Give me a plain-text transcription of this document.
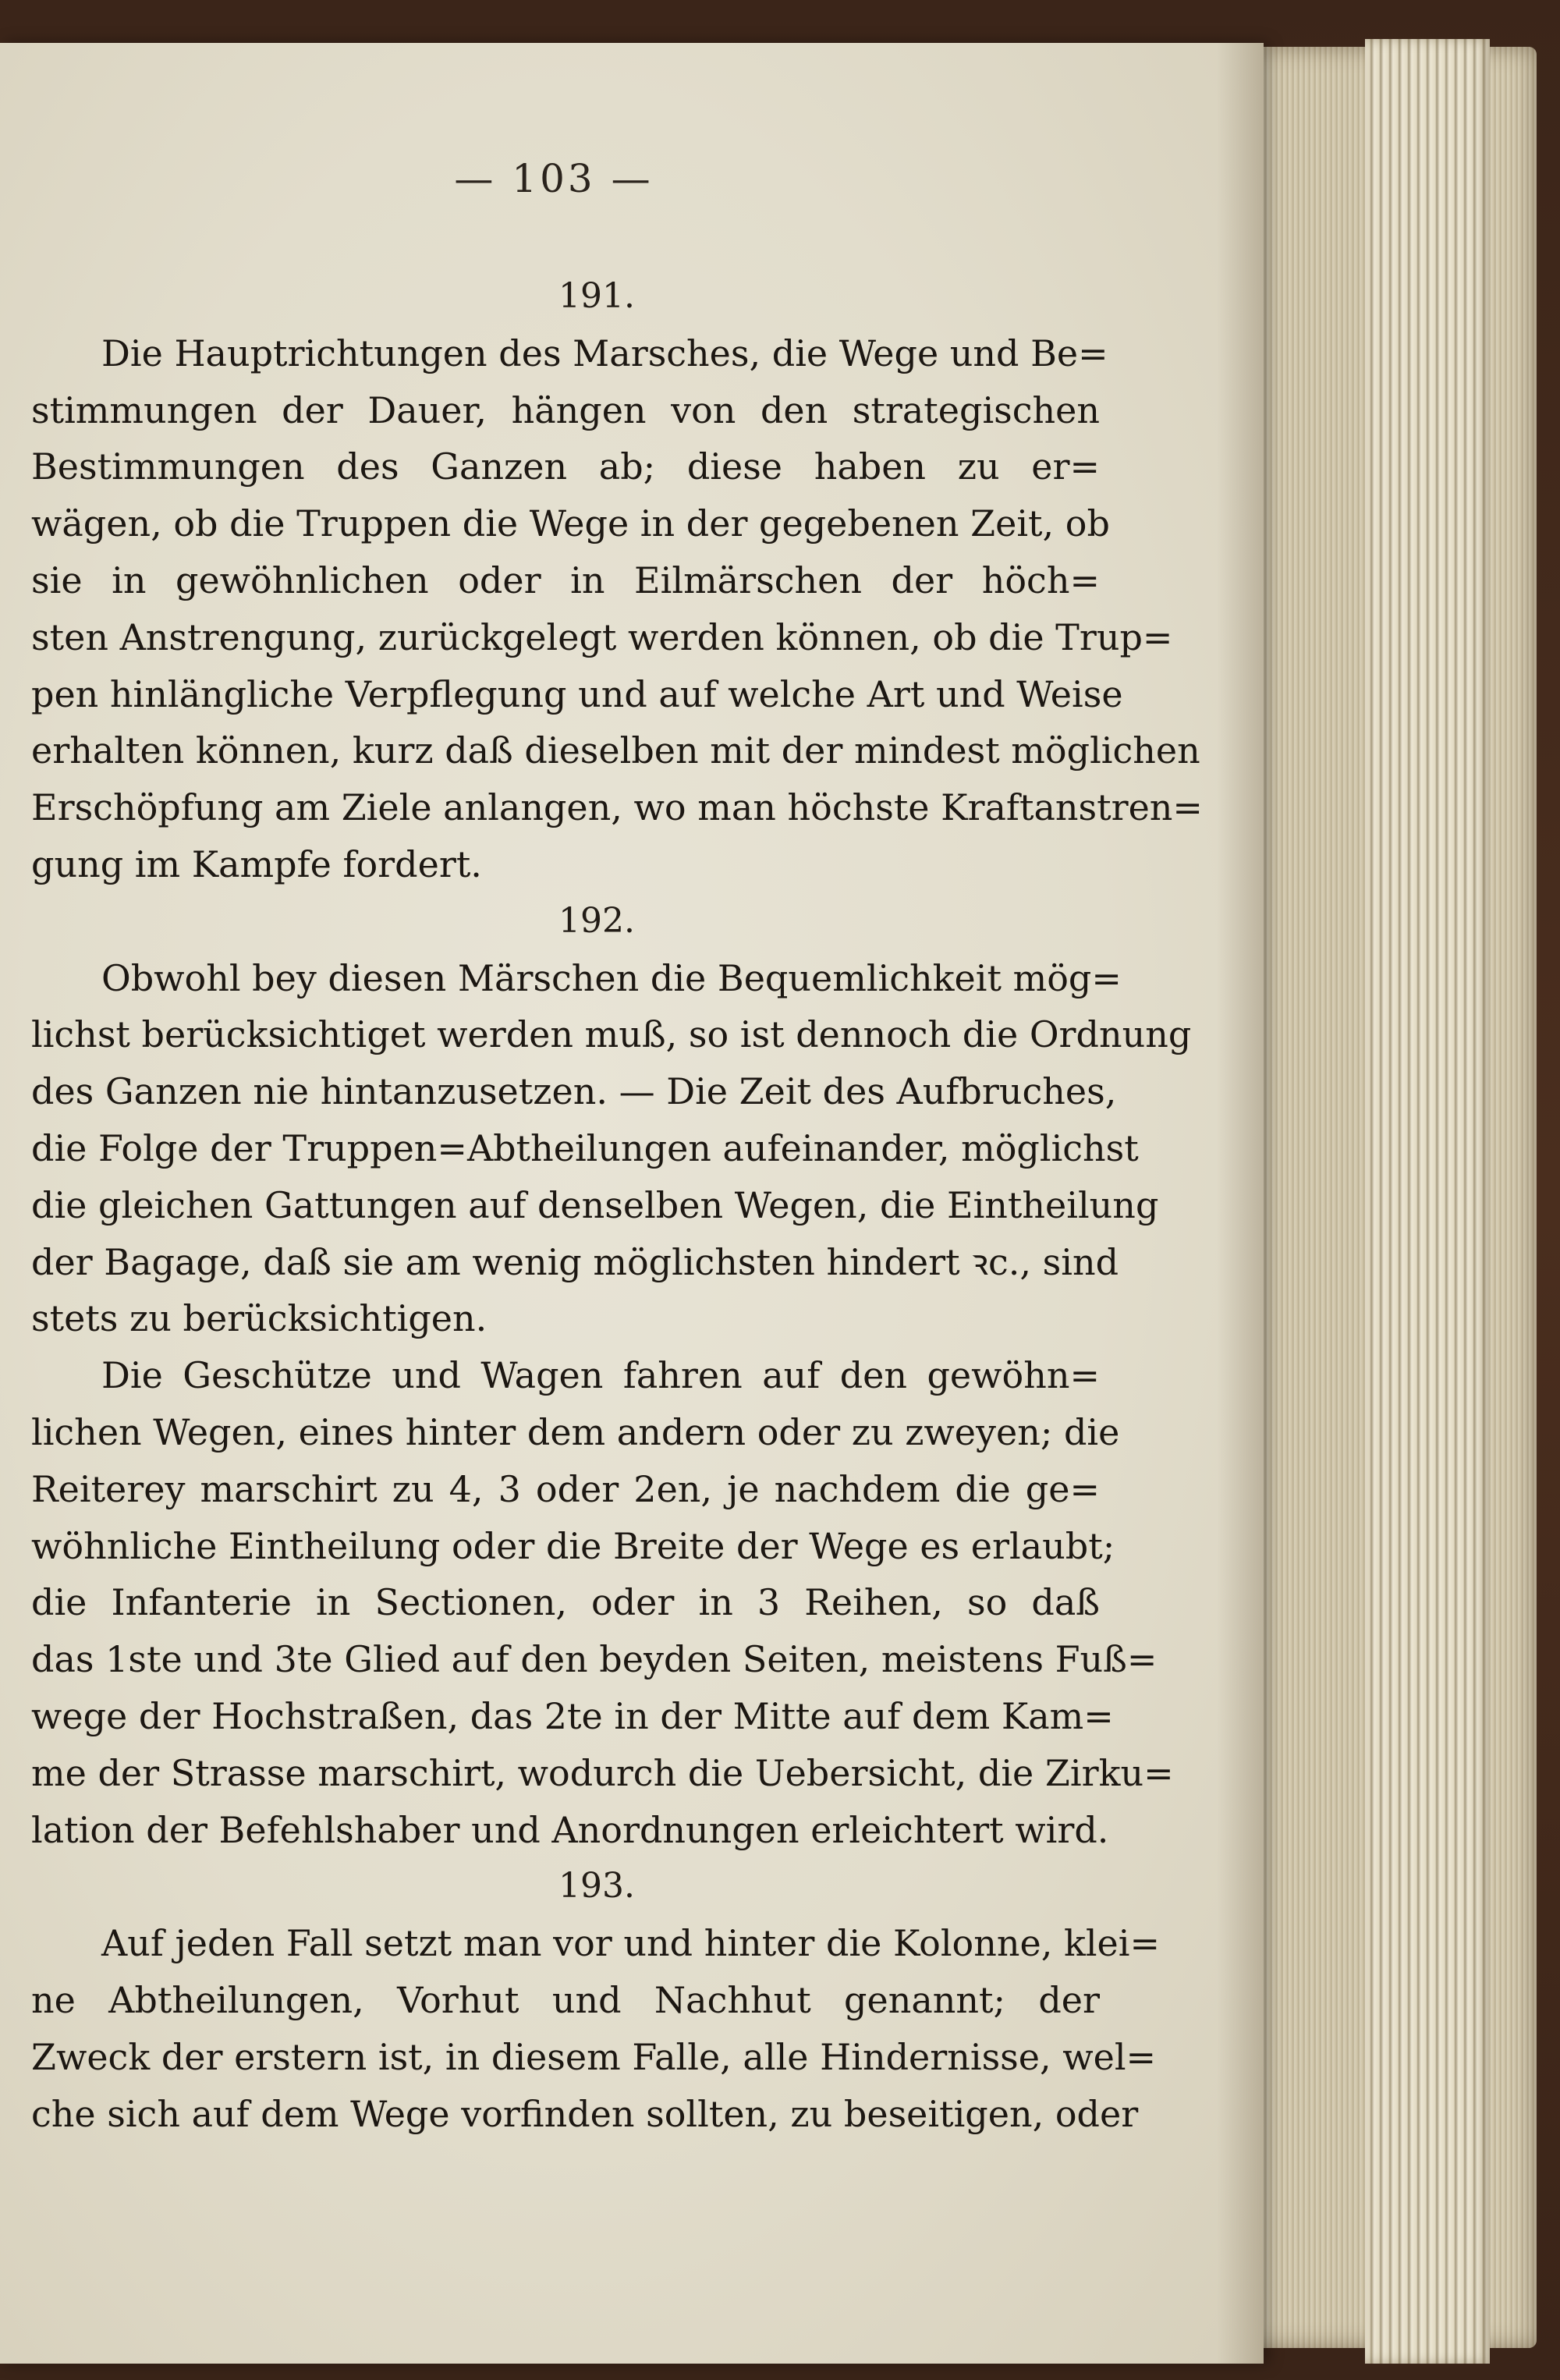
— 103 —
191.
Die Hauptrichtungen des Marsches, die Wege und Be=
stimmungen der Dauer, hängen von den strategischen
Bestimmungen des Ganzen ab; diese haben zu er=
wägen, ob die Truppen die Wege in der gegebenen Zeit, ob
sie in gewöhnlichen oder in Eilmärschen der höch=
sten Anstrengung, zurückgelegt werden können, ob die Trup=
pen hinlängliche Verpflegung und auf welche Art und Weise
erhalten können, kurz daß dieselben mit der mindest möglichen
Erschöpfung am Ziele anlangen, wo man höchste Kraftanstren=
gung im Kampfe fordert.
192.
Obwohl bey diesen Märschen die Bequemlichkeit mög=
lichst berücksichtiget werden muß, so ist dennoch die Ordnung
des Ganzen nie hintanzusetzen. — Die Zeit des Aufbruches,
die Folge der Truppen=Abtheilungen aufeinander, möglichst
die gleichen Gattungen auf denselben Wegen, die Eintheilung
der Bagage, daß sie am wenig möglichsten hindert ꝛc., sind
stets zu berücksichtigen.
Die Geschütze und Wagen fahren auf den gewöhn=
lichen Wegen, eines hinter dem andern oder zu zweyen; die
Reiterey marschirt zu 4, 3 oder 2en, je nachdem die ge=
wöhnliche Eintheilung oder die Breite der Wege es erlaubt;
die Infanterie in Sectionen, oder in 3 Reihen, so daß
das 1ste und 3te Glied auf den beyden Seiten, meistens Fuß=
wege der Hochstraßen, das 2te in der Mitte auf dem Kam=
me der Strasse marschirt, wodurch die Uebersicht, die Zirku=
lation der Befehlshaber und Anordnungen erleichtert wird.
193.
Auf jeden Fall setzt man vor und hinter die Kolonne, klei=
ne Abtheilungen, Vorhut und Nachhut genannt; der
Zweck der erstern ist, in diesem Falle, alle Hindernisse, wel=
che sich auf dem Wege vorfinden sollten, zu beseitigen, oder
